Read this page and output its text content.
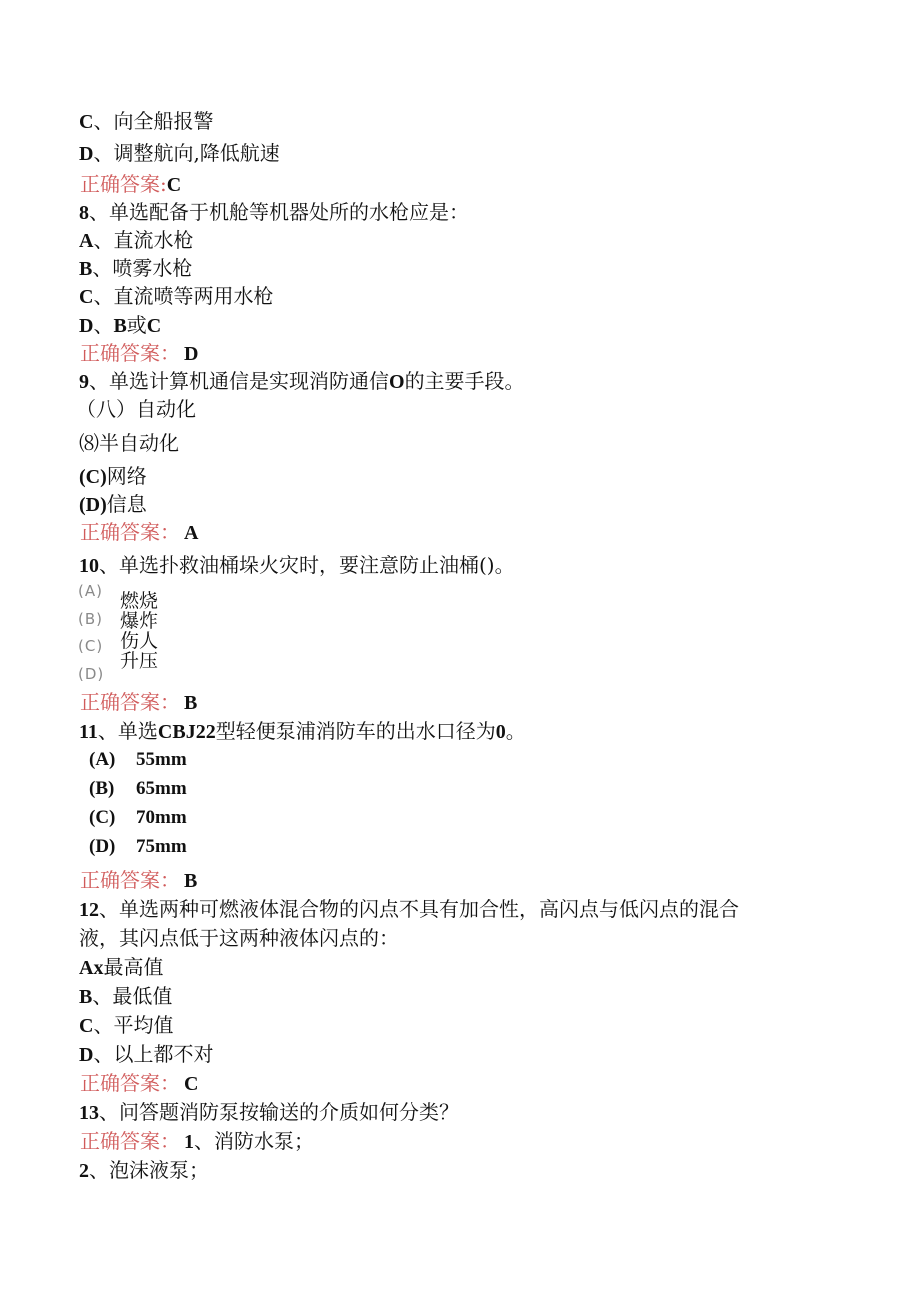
C、向全船报警
D、调整航向,降低航速
正确答案:C
8、单选配备于机舱等机器处所的水枪应是：
A、直流水枪
B、喷雾水枪
C、直流喷等两用水枪
D、B或C
正确答案： D
9、单选计算机通信是实现消防通信O的主要手段。
（八）自动化
⑻半自动化
(C)网络
(D)信息
正确答案： A
10、单选扑救油桶垛火灾时，要注意防止油桶()。
(A)
(B)
(C)
(D)
燃烧
爆炸
伤人
升压
正确答案： B
11、单选CBJ22型轻便泵浦消防车的出水口径为0。
(A) 55mm
(B) 65mm
(C) 70mm
(D) 75mm
正确答案： B
12、单选两种可燃液体混合物的闪点不具有加合性，高闪点与低闪点的混合
液，其闪点低于这两种液体闪点的：
Ax最高值
B、最低值
C、平均值
D、以上都不对
正确答案： C
13、问答题消防泵按输送的介质如何分类？
正确答案： 1、消防水泵；
2、泡沫液泵；
